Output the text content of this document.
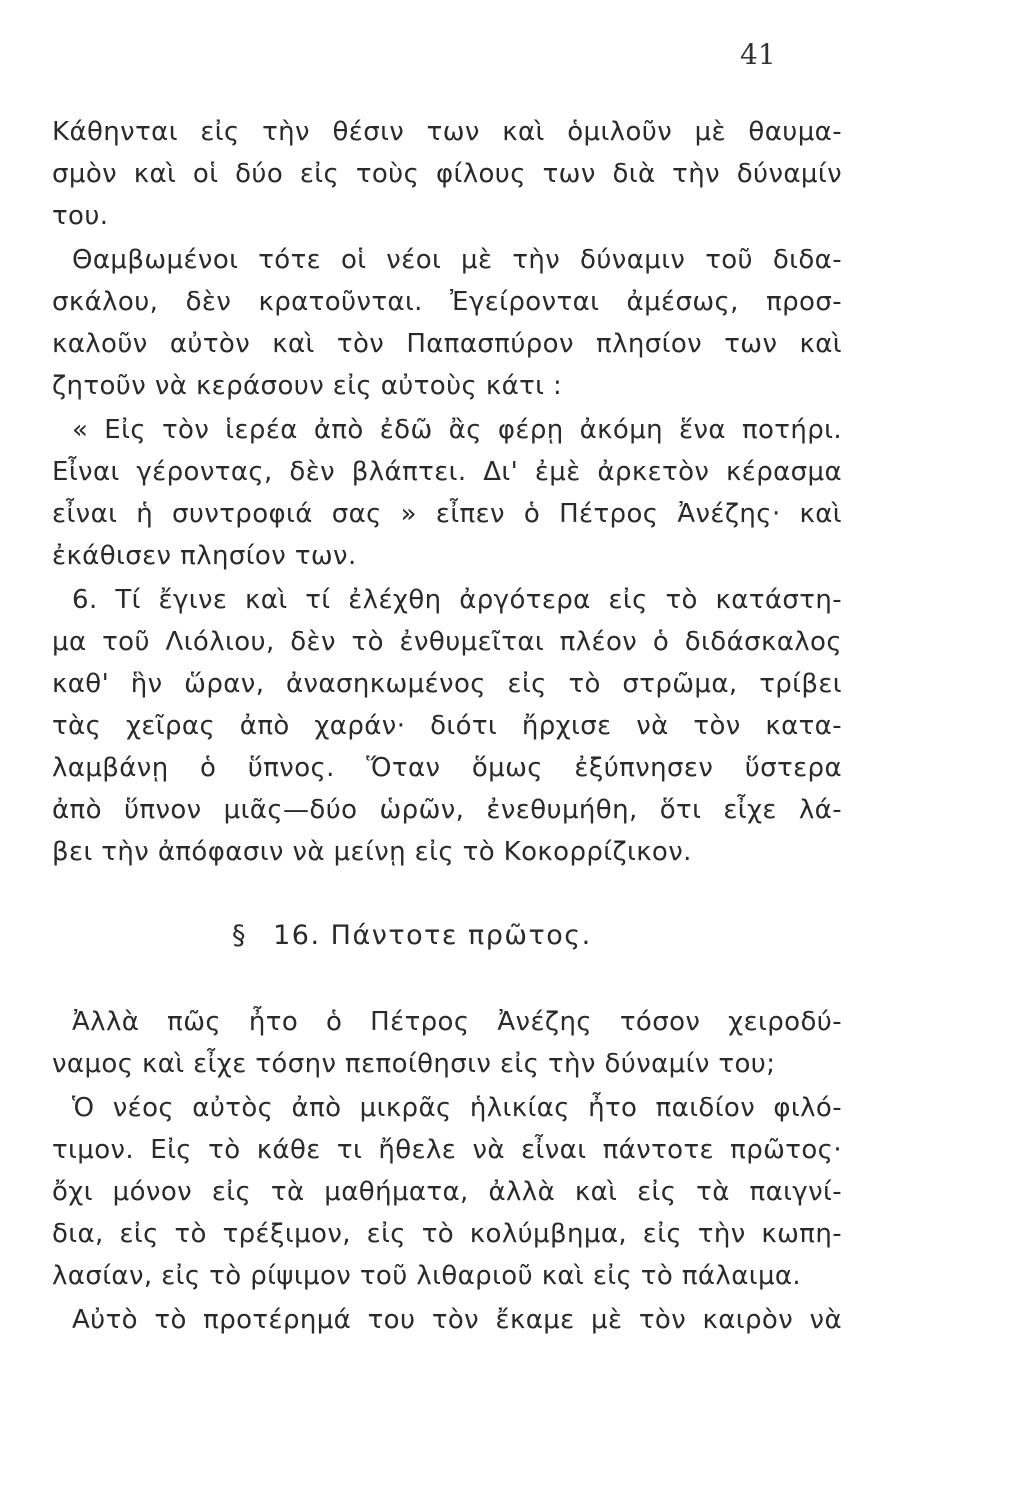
41
Κάθηνται εἰς τὴν θέσιν των καὶ ὁμιλοῦν μὲ θαυμα-
σμὸν καὶ οἱ δύο εἰς τοὺς φίλους των διὰ τὴν δύναμίν
του.
Θαμβωμένοι τότε οἱ νέοι μὲ τὴν δύναμιν τοῦ διδα-
σκάλου, δὲν κρατοῦνται. Ἐγείρονται ἀμέσως, προσ-
καλοῦν αὐτὸν καὶ τὸν Παπασπύρον πλησίον των καὶ
ζητοῦν νὰ κεράσουν εἰς αὐτοὺς κάτι :
« Εἰς τὸν ἱερέα ἀπὸ ἐδῶ ἂς φέρῃ ἀκόμη ἕνα ποτήρι.
Εἶναι γέροντας, δὲν βλάπτει. Δι' ἐμὲ ἀρκετὸν κέρασμα
εἶναι ἡ συντροφιά σας » εἶπεν ὁ Πέτρος Ἀνέζης· καὶ
ἐκάθισεν πλησίον των.
6. Τί ἔγινε καὶ τί ἐλέχθη ἀργότερα εἰς τὸ κατάστη-
μα τοῦ Λιόλιου, δὲν τὸ ἐνθυμεῖται πλέον ὁ διδάσκαλος
καθ' ἣν ὥραν, ἀνασηκωμένος εἰς τὸ στρῶμα, τρίβει
τὰς χεῖρας ἀπὸ χαράν· διότι ἤρχισε νὰ τὸν κατα-
λαμβάνῃ ὁ ὕπνος. Ὅταν ὅμως ἐξύπνησεν ὕστερα
ἀπὸ ὕπνον μιᾶς—δύο ὡρῶν, ἐνεθυμήθη, ὅτι εἶχε λά-
βει τὴν ἀπόφασιν νὰ μείνῃ εἰς τὸ Κοκορρίζικον.
§ 16. Πάντοτε πρῶτος.
Ἀλλὰ πῶς ἦτο ὁ Πέτρος Ἀνέζης τόσον χειροδύ-
ναμος καὶ εἶχε τόσην πεποίθησιν εἰς τὴν δύναμίν του;
Ὁ νέος αὐτὸς ἀπὸ μικρᾶς ἡλικίας ἦτο παιδίον φιλό-
τιμον. Εἰς τὸ κάθε τι ἤθελε νὰ εἶναι πάντοτε πρῶτος·
ὄχι μόνον εἰς τὰ μαθήματα, ἀλλὰ καὶ εἰς τὰ παιγνί-
δια, εἰς τὸ τρέξιμον, εἰς τὸ κολύμβημα, εἰς τὴν κωπη-
λασίαν, εἰς τὸ ρίψιμον τοῦ λιθαριοῦ καὶ εἰς τὸ πάλαιμα.
Αὐτὸ τὸ προτέρημά του τὸν ἔκαμε μὲ τὸν καιρὸν νὰ
